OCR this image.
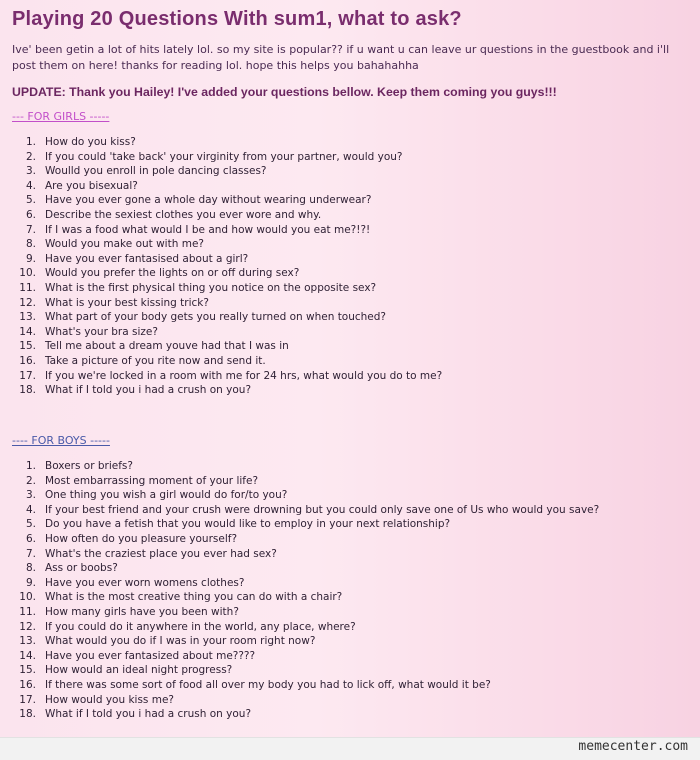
Playing 20 Questions With sum1, what to ask?

Ive' been getin a lot of hits lately lol. so my site is popular?? if u want u can leave ur questions in the guestbook and i'll post them on here! thanks for reading lol. hope this helps you bahahahha

UPDATE: Thank you Hailey! I've added your questions bellow. Keep them coming you guys!!!

--- FOR GIRLS -----
1. How do you kiss?
2. If you could 'take back' your virginity from your partner, would you?
3. Woulld you enroll in pole dancing classes?
4. Are you bisexual?
5. Have you ever gone a whole day without wearing underwear?
6. Describe the sexiest clothes you ever wore and why.
7. If I was a food what would I be and how would you eat me?!?!
8. Would you make out with me?
9. Have you ever fantasised about a girl?
10. Would you prefer the lights on or off during sex?
11. What is the first physical thing you notice on the opposite sex?
12. What is your best kissing trick?
13. What part of your body gets you really turned on when touched?
14. What's your bra size?
15. Tell me about a dream youve had that I was in
16. Take a picture of you rite now and send it.
17. If you we're locked in a room with me for 24 hrs, what would you do to me?
18. What if I told you i had a crush on you?
---- FOR BOYS -----
1. Boxers or briefs?
2. Most embarrassing moment of your life?
3. One thing you wish a girl would do for/to you?
4. If your best friend and your crush were drowning but you could only save one of Us who would you save?
5. Do you have a fetish that you would like to employ in your next relationship?
6. How often do you pleasure yourself?
7. What's the craziest place you ever had sex?
8. Ass or boobs?
9. Have you ever worn womens clothes?
10. What is the most creative thing you can do with a chair?
11. How many girls have you been with?
12. If you could do it anywhere in the world, any place, where?
13. What would you do if I was in your room right now?
14. Have you ever fantasized about me????
15. How would an ideal night progress?
16. If there was some sort of food all over my body you had to lick off, what would it be?
17. How would you kiss me?
18. What if I told you i had a crush on you?
memecenter.com
